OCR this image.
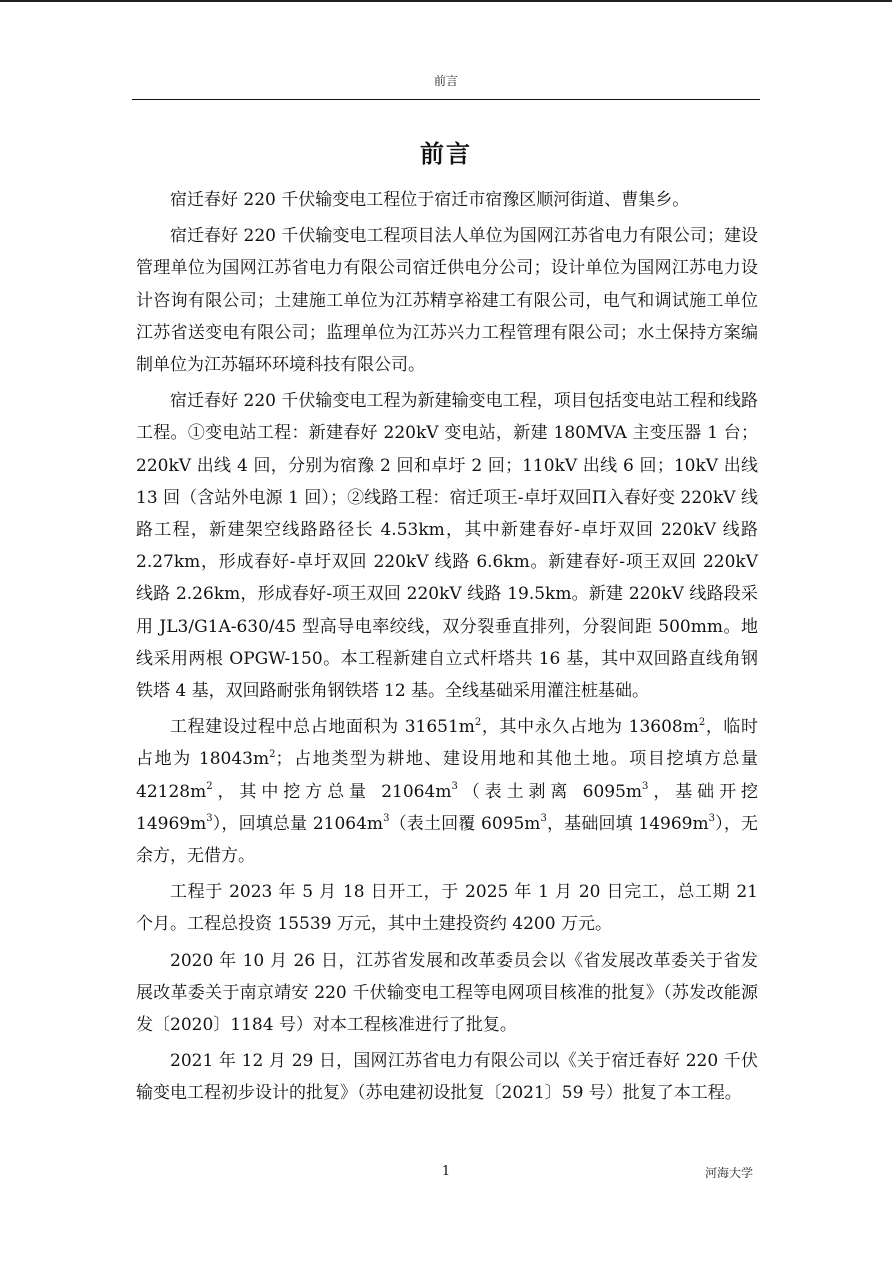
前言
前言

宿迁春好 220 千伏输变电工程位于宿迁市宿豫区顺河街道、曹集乡。

宿迁春好 220 千伏输变电工程项目法人单位为国网江苏省电力有限公司；建设管理单位为国网江苏省电力有限公司宿迁供电分公司；设计单位为国网江苏电力设计咨询有限公司；土建施工单位为江苏精享裕建工有限公司，电气和调试施工单位江苏省送变电有限公司；监理单位为江苏兴力工程管理有限公司；水土保持方案编制单位为江苏辐环环境科技有限公司。

宿迁春好 220 千伏输变电工程为新建输变电工程，项目包括变电站工程和线路工程。①变电站工程：新建春好 220kV 变电站，新建 180MVA 主变压器 1 台；220kV 出线 4 回，分别为宿豫 2 回和卓圩 2 回；110kV 出线 6 回；10kV 出线 13 回（含站外电源 1 回）；②线路工程：宿迁项王-卓圩双回Π入春好变 220kV 线路工程，新建架空线路路径长 4.53km，其中新建春好-卓圩双回 220kV 线路 2.27km，形成春好-卓圩双回 220kV 线路 6.6km。新建春好-项王双回 220kV 线路 2.26km，形成春好-项王双回 220kV 线路 19.5km。新建 220kV 线路段采用 JL3/G1A-630/45 型高导电率绞线，双分裂垂直排列，分裂间距 500mm。地线采用两根 OPGW-150。本工程新建自立式杆塔共 16 基，其中双回路直线角钢铁塔 4 基，双回路耐张角钢铁塔 12 基。全线基础采用灌注桩基础。

工程建设过程中总占地面积为 $31651m^2$，其中永久占地为 $13608m^2$，临时占地为 $18043m^2$；占地类型为耕地、建设用地和其他土地。项目挖填方总量 $42128m^2$，其中挖方总量 $21064m^3$（表土剥离 $6095m^3$，基础开挖 $14969m^3$），回填总量 $21064m^3$（表土回覆 $6095m^3$，基础回填 $14969m^3$），无余方，无借方。

工程于 2023 年 5 月 18 日开工，于 2025 年 1 月 20 日完工，总工期 21 个月。工程总投资 15539 万元，其中土建投资约 4200 万元。

2020 年 10 月 26 日，江苏省发展和改革委员会以《省发展改革委关于省发展改革委关于南京靖安 220 千伏输变电工程等电网项目核准的批复》（苏发改能源发〔2020〕1184 号）对本工程核准进行了批复。

2021 年 12 月 29 日，国网江苏省电力有限公司以《关于宿迁春好 220 千伏输变电工程初步设计的批复》（苏电建初设批复〔2021〕59 号）批复了本工程。

1	河海大学
